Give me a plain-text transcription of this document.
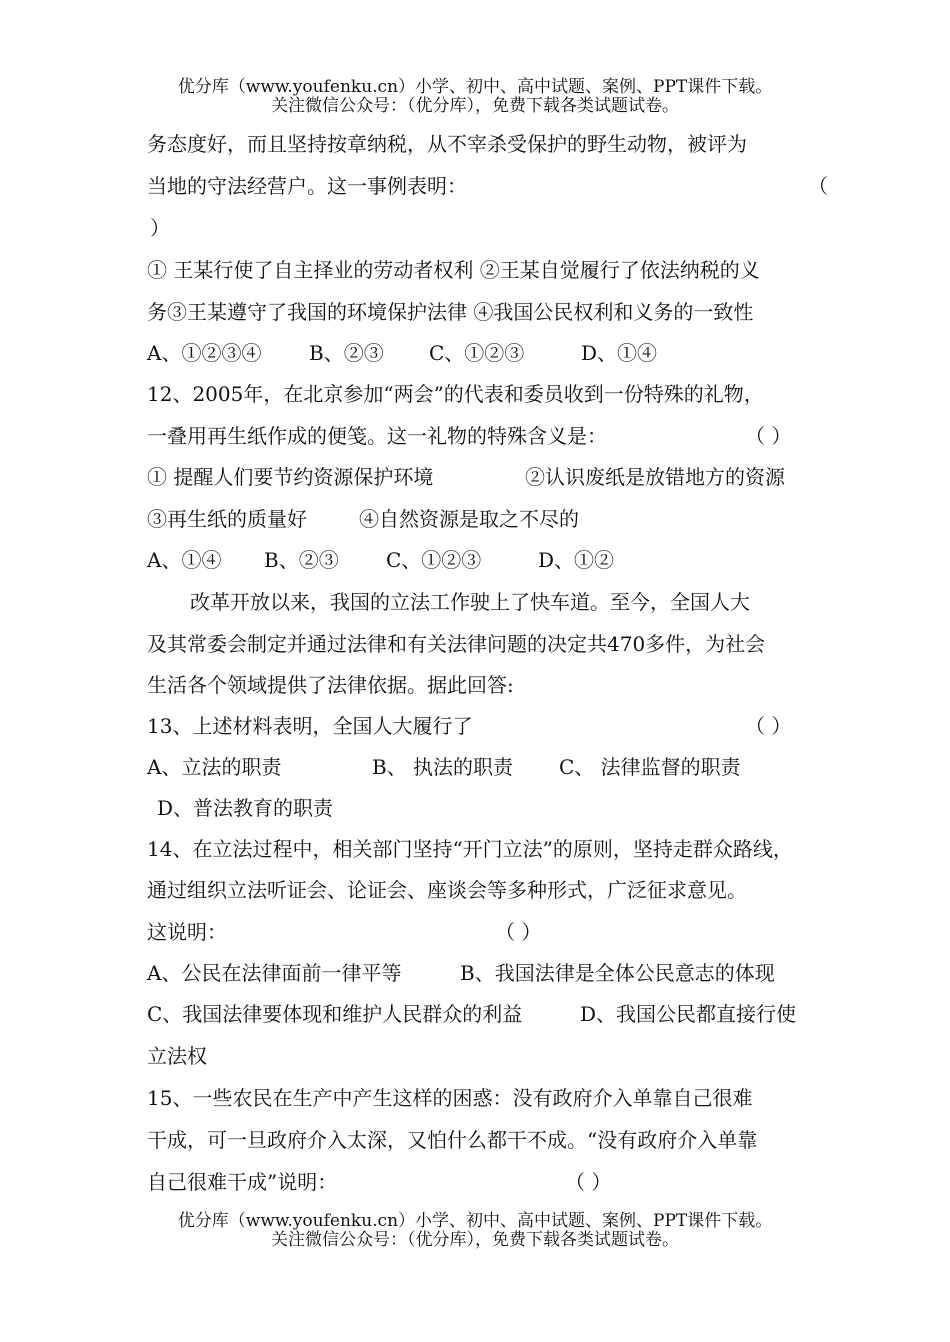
优分库（www.youfenku.cn）小学、初中、高中试题、案例、PPT课件下载。
关注微信公众号：（优分库），免费下载各类试题试卷。
务态度好，而且坚持按章纳税，从不宰杀受保护的野生动物，被评为
当地的守法经营户。这一事例表明：	（
）
① 王某行使了自主择业的劳动者权利 ②王某自觉履行了依法纳税的义
务③王某遵守了我国的环境保护法律 ④我国公民权利和义务的一致性
A、①②③④ B、②③ C、①②③	D、①④
12、2005年，在北京参加“两会”的代表和委员收到一份特殊的礼物，
一叠用再生纸作成的便笺。这一礼物的特殊含义是：	（ ）
① 提醒人们要节约资源保护环境	②认识废纸是放错地方的资源
③再生纸的质量好	④自然资源是取之不尽的
A、①④ B、②③ C、①②③	D、①②
改革开放以来，我国的立法工作驶上了快车道。至今，全国人大
及其常委会制定并通过法律和有关法律问题的决定共470多件，为社会
生活各个领域提供了法律依据。据此回答:
13、上述材料表明，全国人大履行了	（ ）
A、立法的职责	B、 执法的职责 C、 法律监督的职责
D、普法教育的职责
14、在立法过程中，相关部门坚持“开门立法”的原则，坚持走群众路线，
通过组织立法听证会、论证会、座谈会等多种形式，广泛征求意见。
这说明：	（ ）
A、公民在法律面前一律平等	B、我国法律是全体公民意志的体现
C、我国法律要体现和维护人民群众的利益	D、我国公民都直接行使
立法权
15、一些农民在生产中产生这样的困惑：没有政府介入单靠自己很难
干成，可一旦政府介入太深，又怕什么都干不成。“没有政府介入单靠
自己很难干成”说明：	（ ）
优分库（www.youfenku.cn）小学、初中、高中试题、案例、PPT课件下载。
关注微信公众号：（优分库），免费下载各类试题试卷。
